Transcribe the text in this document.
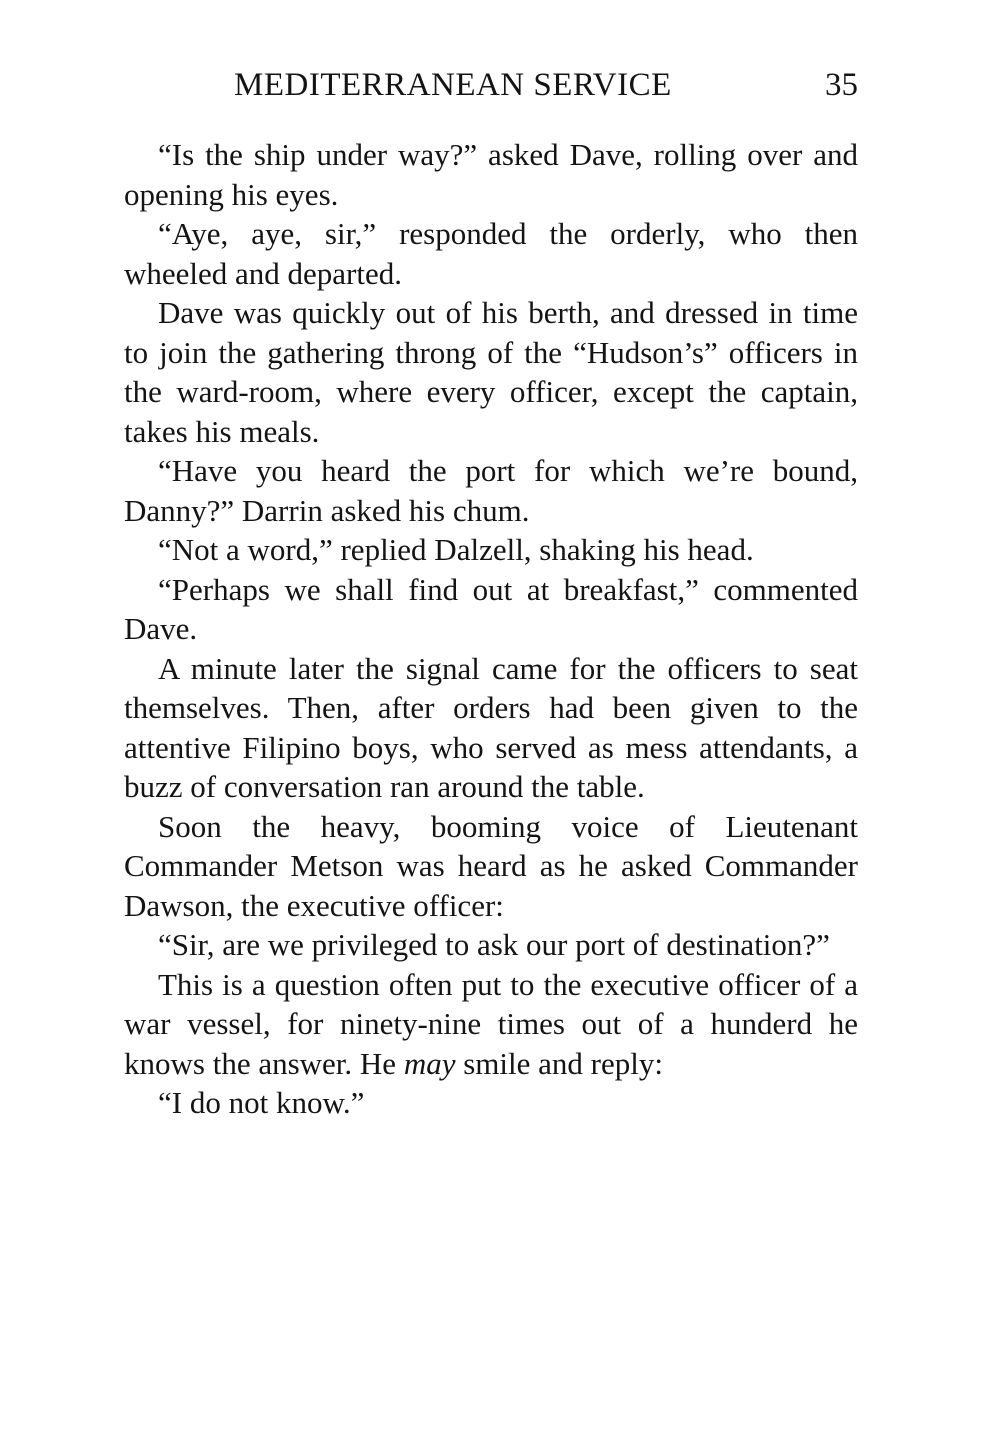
MEDITERRANEAN SERVICE	35

“Is the ship under way?” asked Dave, rolling over and opening his eyes.

“Aye, aye, sir,” responded the orderly, who then wheeled and departed.

Dave was quickly out of his berth, and dressed in time to join the gathering throng of the “Hudson’s” officers in the ward-room, where every officer, except the captain, takes his meals.

“Have you heard the port for which we’re bound, Danny?” Darrin asked his chum.

“Not a word,” replied Dalzell, shaking his head.

“Perhaps we shall find out at breakfast,” commented Dave.

A minute later the signal came for the officers to seat themselves. Then, after orders had been given to the attentive Filipino boys, who served as mess attendants, a buzz of conversation ran around the table.

Soon the heavy, booming voice of Lieutenant Commander Metson was heard as he asked Commander Dawson, the executive officer:

“Sir, are we privileged to ask our port of destination?”

This is a question often put to the executive officer of a war vessel, for ninety-nine times out of a hunderd he knows the answer. He may smile and reply:

“I do not know.”
